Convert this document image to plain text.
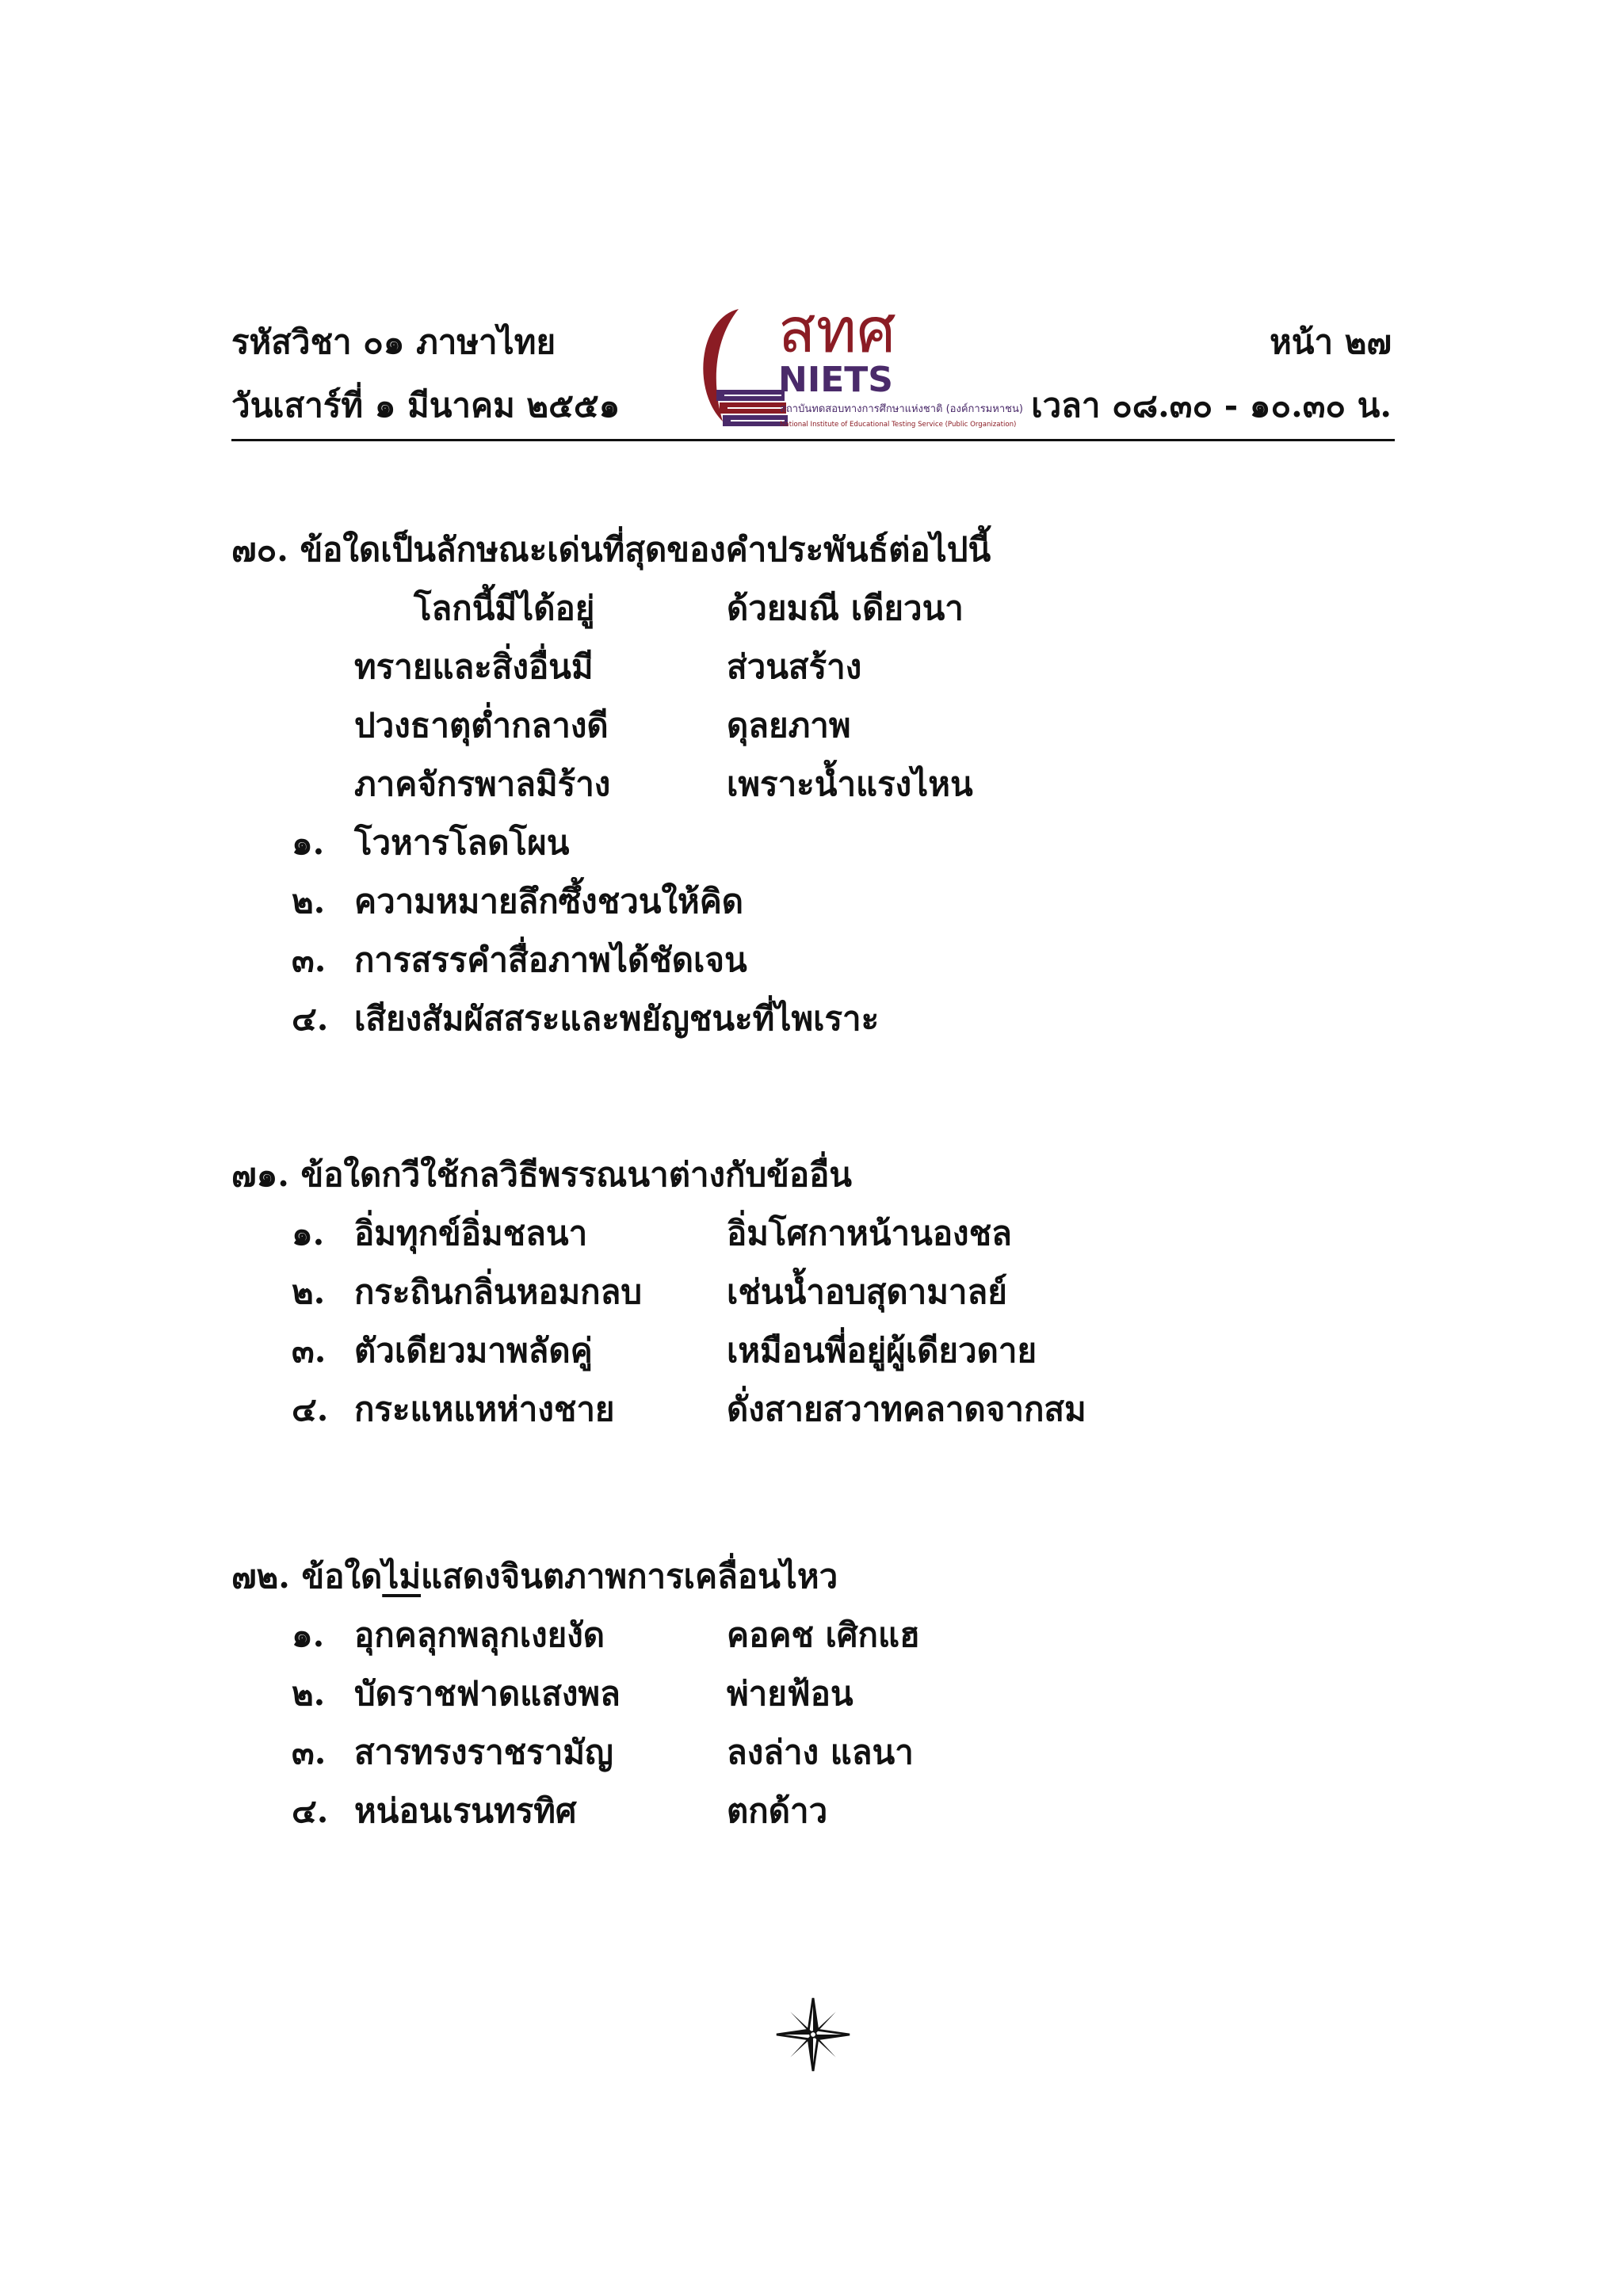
รหัสวิชา ๐๑ ภาษาไทย
วันเสาร์ที่ ๑ มีนาคม ๒๕๕๑
หน้า ๒๗
เวลา ๐๘.๓๐ - ๑๐.๓๐ น.
สทศ
NIETS
สถาบันทดสอบทางการศึกษาแห่งชาติ (องค์การมหาชน)
National Institute of Educational Testing Service (Public Organization)
๗๐. ข้อใดเป็นลักษณะเด่นที่สุดของคำประพันธ์ต่อไปนี้
โลกนี้มีได้อยู่	ด้วยมณี เดียวนา
ทรายและสิ่งอื่นมี	ส่วนสร้าง
ปวงธาตุต่ำกลางดี	ดุลยภาพ
ภาคจักรพาลมิร้าง	เพราะน้ำแรงไหน
๑. โวหารโลดโผน
๒. ความหมายลึกซึ้งชวนให้คิด
๓. การสรรคำสื่อภาพได้ชัดเจน
๔. เสียงสัมผัสสระและพยัญชนะที่ไพเราะ
๗๑. ข้อใดกวีใช้กลวิธีพรรณนาต่างกับข้ออื่น
๑. อิ่มทุกข์อิ่มชลนา	อิ่มโศกาหน้านองชล
๒. กระถินกลิ่นหอมกลบ	เช่นน้ำอบสุดามาลย์
๓. ตัวเดียวมาพลัดคู่	เหมือนพี่อยู่ผู้เดียวดาย
๔. กระแหแหห่างชาย	ดั่งสายสวาทคลาดจากสม
๗๒. ข้อใดไม่แสดงจินตภาพการเคลื่อนไหว
๑. อุกคลุกพลุกเงยงัด	คอคช เศิกแฮ
๒. บัดราชฟาดแสงพล	พ่ายฟ้อน
๓. สารทรงราชรามัญ	ลงล่าง แลนา
๔. หน่อนเรนทรทิศ	ตกด้าว
